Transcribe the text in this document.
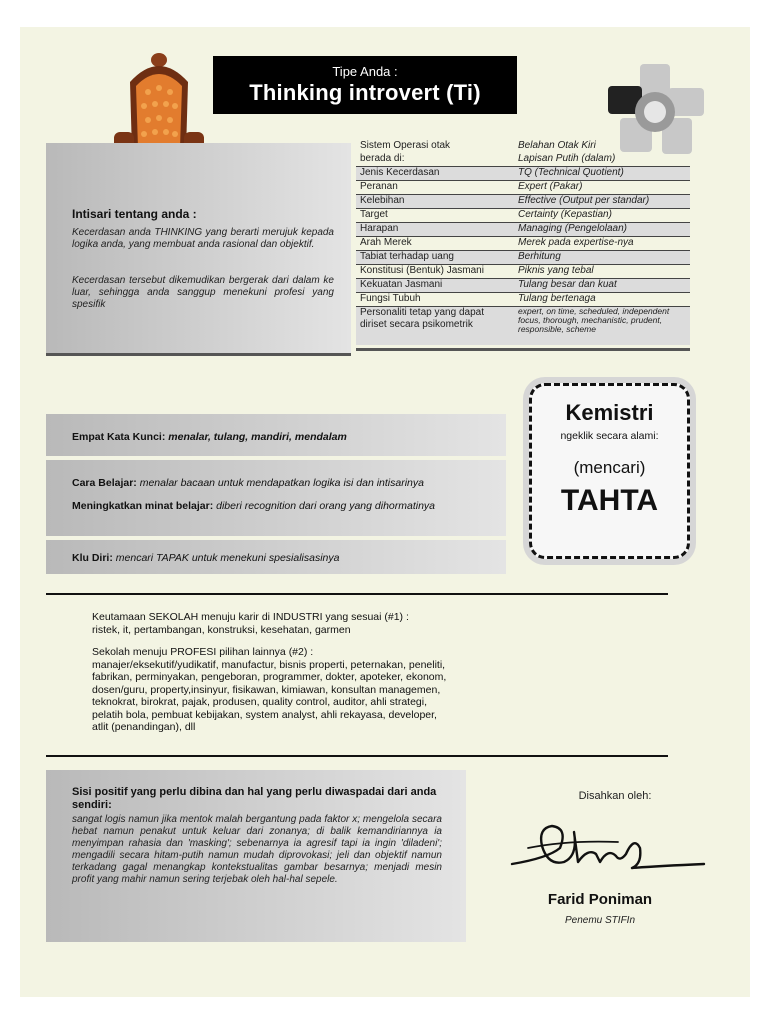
Tipe Anda :
Thinking introvert (Ti)
Intisari tentang anda :

Kecerdasan anda THINKING yang berarti merujuk kepada logika anda, yang membuat anda rasional dan objektif.

Kecerdasan tersebut dikemudikan bergerak dari dalam ke luar, sehingga anda sanggup menekuni profesi yang spesifik

Sistem Operasi otak	Belahan Otak Kiri
berada di:	Lapisan Putih (dalam)
Jenis Kecerdasan	TQ (Technical Quotient)
Peranan	Expert (Pakar)
Kelebihan	Effective (Output per standar)
Target	Certainty (Kepastian)
Harapan	Managing (Pengelolaan)
Arah Merek	Merek pada expertise-nya
Tabiat terhadap uang	Berhitung
Konstitusi (Bentuk) Jasmani	Piknis yang tebal
Kekuatan Jasmani	Tulang besar dan kuat
Fungsi Tubuh	Tulang bertenaga
Personaliti tetap yang dapat diriset secara psikometrik	expert, on time, scheduled, independent focus, thorough, mechanistic, prudent, responsible, scheme
Empat Kata Kunci: menalar, tulang, mandiri, mendalam
Cara Belajar: menalar bacaan untuk mendapatkan logika isi dan intisarinya
Meningkatkan minat belajar: diberi recognition dari orang yang dihormatinya
Klu Diri: mencari TAPAK untuk menekuni spesialisasinya
Kemistri
ngeklik secara alami:
(mencari)
TAHTA
Keutamaan SEKOLAH menuju karir di INDUSTRI yang sesuai (#1) :
ristek, it, pertambangan, konstruksi, kesehatan, garmen
Sekolah menuju PROFESI pilihan lainnya (#2) :
manajer/eksekutif/yudikatif, manufactur, bisnis properti, peternakan, peneliti,
fabrikan, perminyakan, pengeboran, programmer, dokter, apoteker, ekonom,
dosen/guru, property,insinyur, fisikawan, kimiawan, konsultan managemen,
teknokrat, birokrat, pajak, produsen, quality control, auditor, ahli strategi,
pelatih bola, pembuat kebijakan, system analyst, ahli rekayasa, developer,
atlit (penandingan), dll
Sisi positif yang perlu dibina dan hal yang perlu diwaspadai dari anda sendiri:

sangat logis namun jika mentok malah bergantung pada faktor x; mengelola secara hebat namun penakut untuk keluar dari zonanya; di balik kemandiriannya ia menyimpan rahasia dan 'masking'; sebenarnya ia agresif tapi ia ingin 'diladeni'; mengadili secara hitam-putih namun mudah diprovokasi; jeli dan objektif namun terkadang gagal menangkap kontekstualitas gambar besarnya; menjadi mesin profit yang mahir namun sering terjebak oleh hal-hal sepele.

Disahkan oleh:
Farid Poniman
Penemu STIFIn
